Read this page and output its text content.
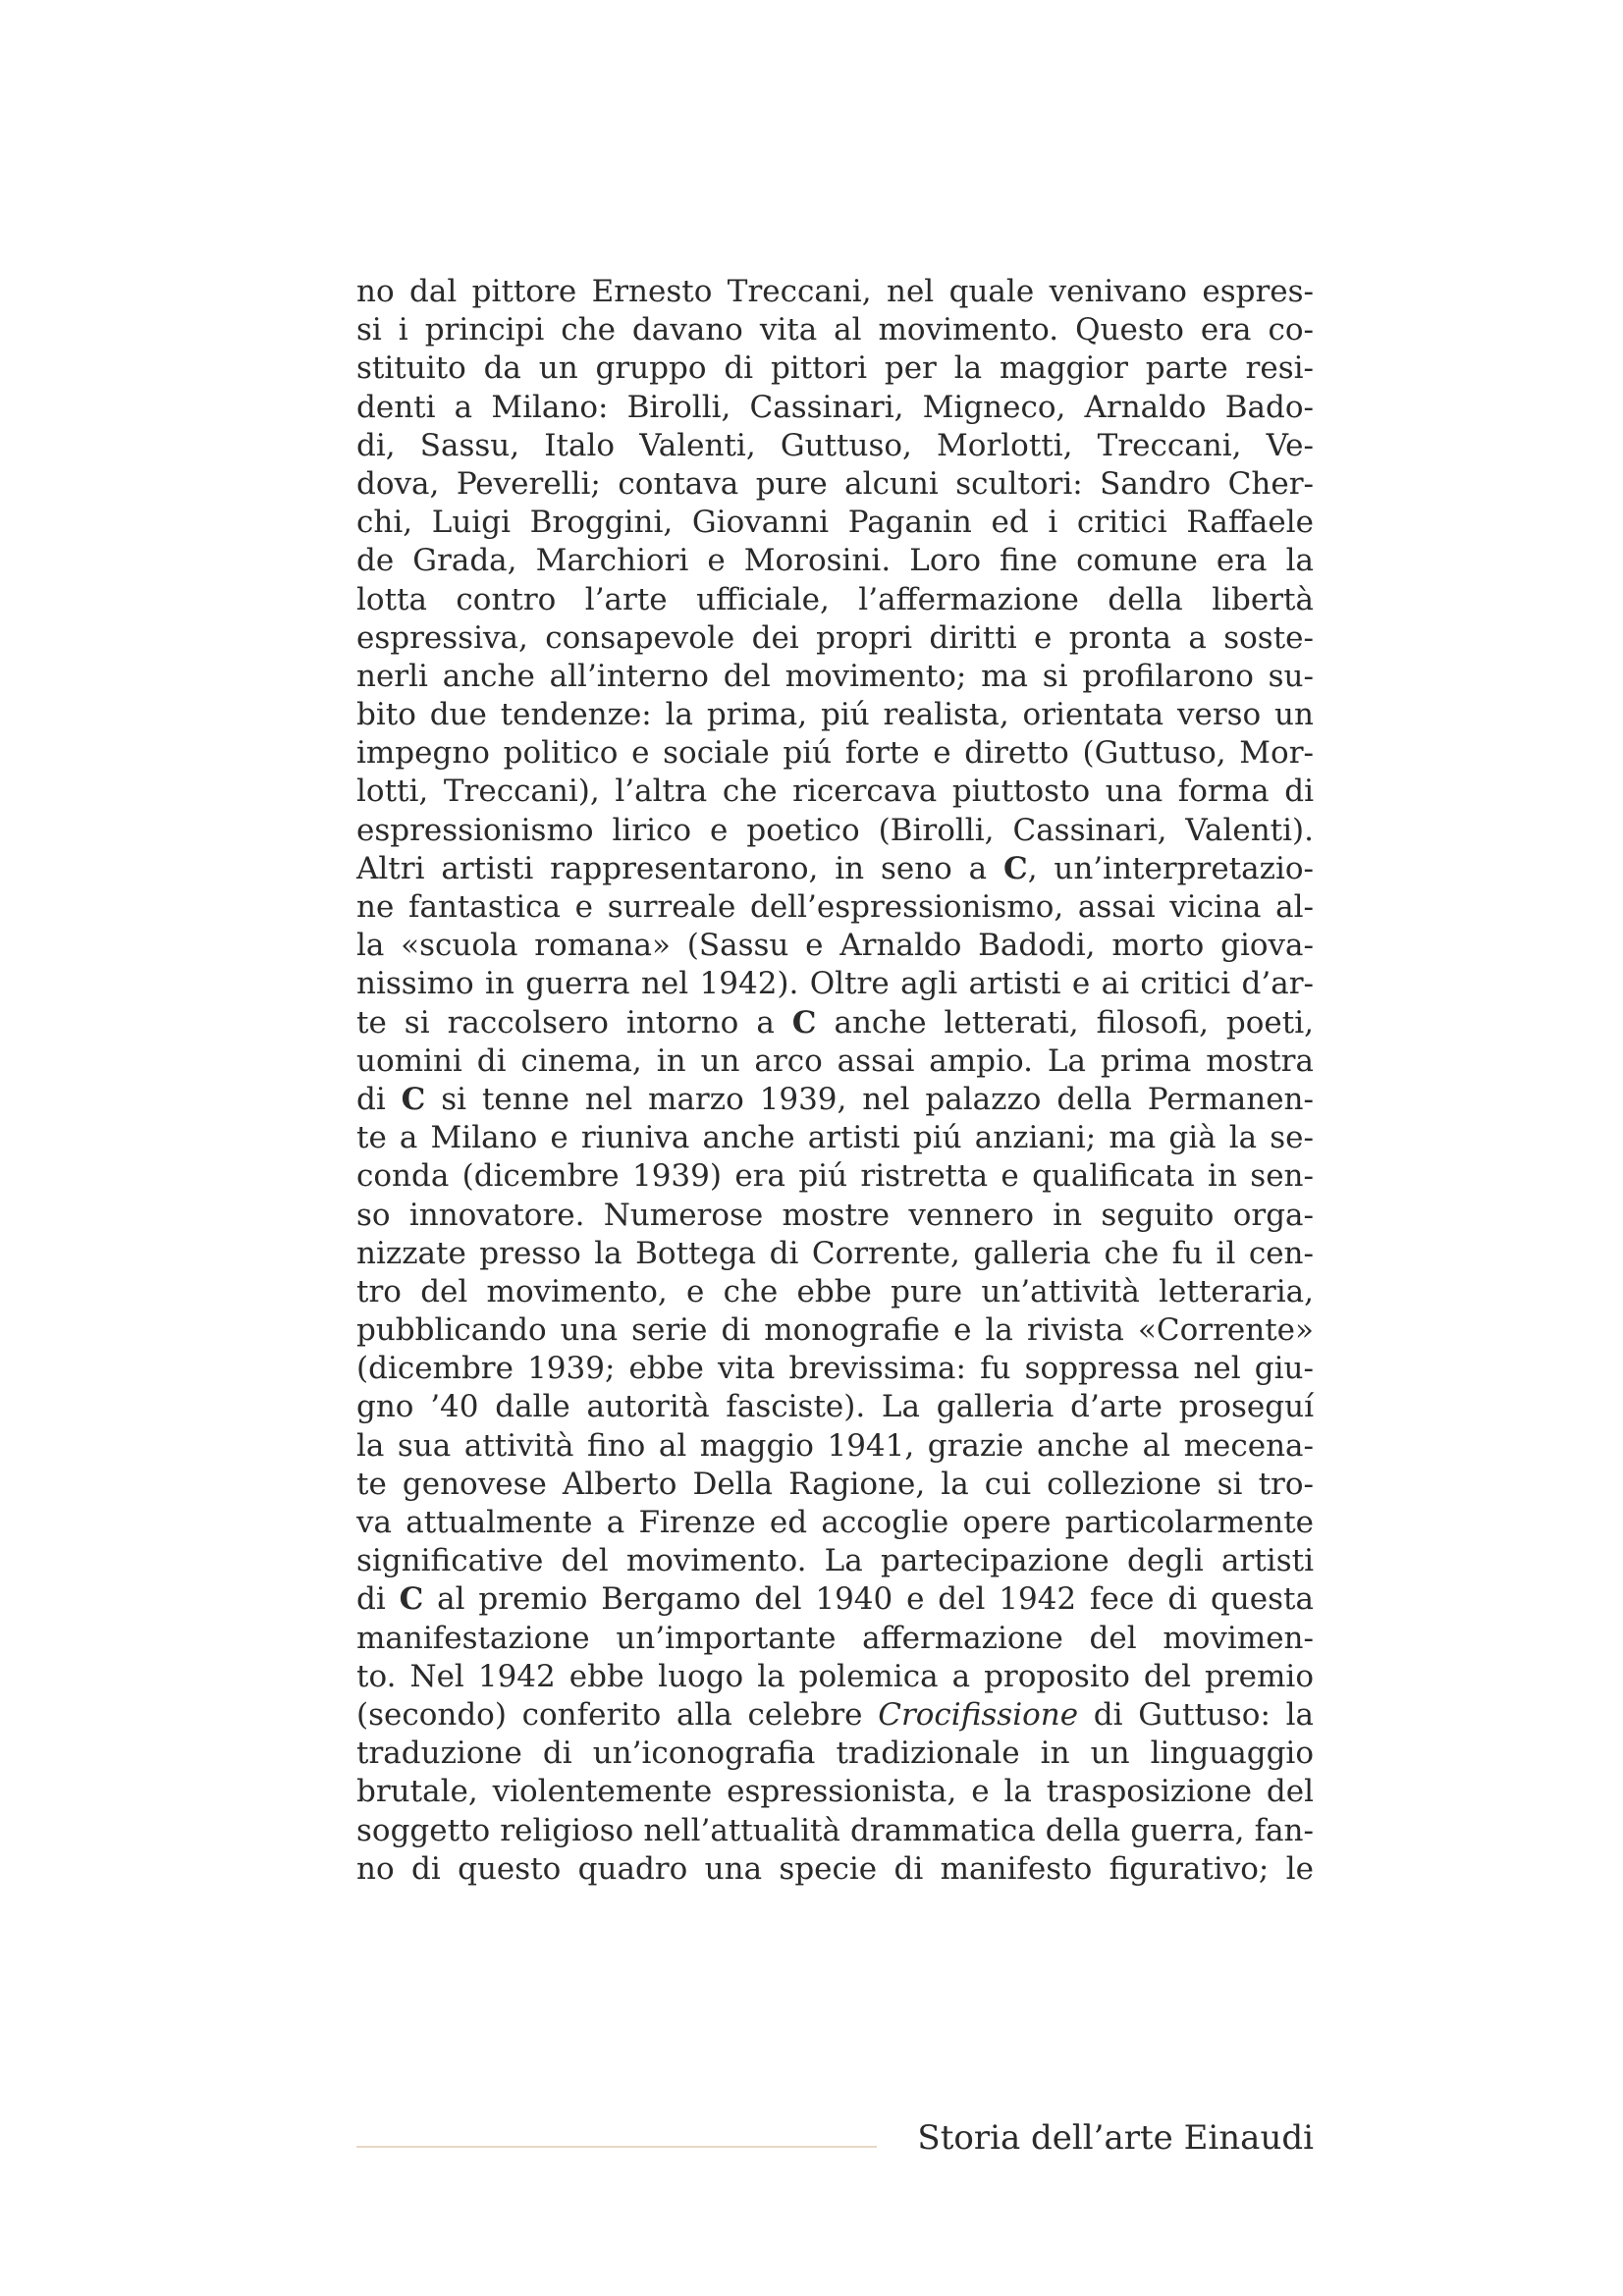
no dal pittore Ernesto Treccani, nel quale venivano espres-
si i principi che davano vita al movimento. Questo era co-
stituito da un gruppo di pittori per la maggior parte resi-
denti a Milano: Birolli, Cassinari, Migneco, Arnaldo Bado-
di, Sassu, Italo Valenti, Guttuso, Morlotti, Treccani, Ve-
dova, Peverelli; contava pure alcuni scultori: Sandro Cher-
chi, Luigi Broggini, Giovanni Paganin ed i critici Raffaele
de Grada, Marchiori e Morosini. Loro fine comune era la
lotta contro l’arte ufficiale, l’affermazione della libertà
espressiva, consapevole dei propri diritti e pronta a soste-
nerli anche all’interno del movimento; ma si profilarono su-
bito due tendenze: la prima, piú realista, orientata verso un
impegno politico e sociale piú forte e diretto (Guttuso, Mor-
lotti, Treccani), l’altra che ricercava piuttosto una forma di
espressionismo lirico e poetico (Birolli, Cassinari, Valenti).
Altri artisti rappresentarono, in seno a C, un’interpretazio-
ne fantastica e surreale dell’espressionismo, assai vicina al-
la «scuola romana» (Sassu e Arnaldo Badodi, morto giova-
nissimo in guerra nel 1942). Oltre agli artisti e ai critici d’ar-
te si raccolsero intorno a C anche letterati, filosofi, poeti,
uomini di cinema, in un arco assai ampio. La prima mostra
di C si tenne nel marzo 1939, nel palazzo della Permanen-
te a Milano e riuniva anche artisti piú anziani; ma già la se-
conda (dicembre 1939) era piú ristretta e qualificata in sen-
so innovatore. Numerose mostre vennero in seguito orga-
nizzate presso la Bottega di Corrente, galleria che fu il cen-
tro del movimento, e che ebbe pure un’attività letteraria,
pubblicando una serie di monografie e la rivista «Corrente»
(dicembre 1939; ebbe vita brevissima: fu soppressa nel giu-
gno ’40 dalle autorità fasciste). La galleria d’arte proseguí
la sua attività fino al maggio 1941, grazie anche al mecena-
te genovese Alberto Della Ragione, la cui collezione si tro-
va attualmente a Firenze ed accoglie opere particolarmente
significative del movimento. La partecipazione degli artisti
di C al premio Bergamo del 1940 e del 1942 fece di questa
manifestazione un’importante affermazione del movimen-
to. Nel 1942 ebbe luogo la polemica a proposito del premio
(secondo) conferito alla celebre Crocifissione di Guttuso: la
traduzione di un’iconografia tradizionale in un linguaggio
brutale, violentemente espressionista, e la trasposizione del
soggetto religioso nell’attualità drammatica della guerra, fan-
no di questo quadro una specie di manifesto figurativo; le
Storia dell’arte Einaudi
